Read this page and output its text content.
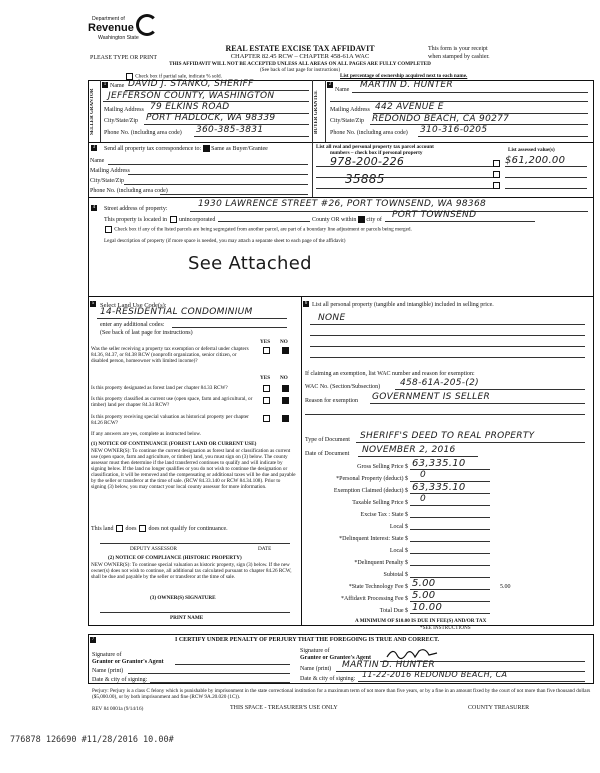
Department of
Revenue
Washington State
REAL ESTATE EXCISE TAX AFFIDAVIT
CHAPTER 82.45 RCW – CHAPTER 458-61A WAC
THIS AFFIDAVIT WILL NOT BE ACCEPTED UNLESS ALL AREAS ON ALL PAGES ARE FULLY COMPLETED
(See back of last page for instructions)
PLEASE TYPE OR PRINT
This form is your receipt
when stamped by cashier.
Check box if partial sale, indicate % sold.	List percentage of ownership acquired next to each name.
SELLER GRANTOR	BUYER GRANTEE
1	2
Name DAVID J. STANKO, SHERIFF
JEFFERSON COUNTY, WASHINGTON
Mailing Address 79 ELKINS ROAD
City/State/Zip PORT HADLOCK, WA 98339
Phone No. (including area code) 360-385-3831
Name MARTIN D. HUNTER
Mailing Address 442 AVENUE E
City/State/Zip REDONDO BEACH, CA 90277
Phone No. (including area code) 310-316-0205
3 Send all property tax correspondence to: Same as Buyer/Grantee
Name
Mailing Address
City/State/Zip
Phone No. (including area code)
List all real and personal property tax parcel account
numbers – check box if personal property	List assessed value(s)
978-200-226	$61,200.00
35885
4 Street address of property:	1930 LAWRENCE STREET #26, PORT TOWNSEND, WA 98368
This property is located in unincorporated	County OR within city of PORT TOWNSEND
Check box if any of the listed parcels are being segregated from another parcel, are part of a boundary line adjustment or parcels being merged.
Legal description of property (if more space is needed, you may attach a separate sheet to each page of the affidavit)
See Attached
5 Select Land Use Code(s):
14-RESIDENTIAL CONDOMINIUM
enter any additional codes:
(See back of last page for instructions)
YES NO
Was the seller receiving a property tax exemption or deferral under chapters 84.36, 84.37, or 84.38 RCW (nonprofit organization, senior citizen, or disabled person, homeowner with limited income)?
YES NO
Is this property designated as forest land per chapter 84.33 RCW?
Is this property classified as current use (open space, farm and agricultural, or timber) land per chapter 84.34 RCW?
Is this property receiving special valuation as historical property per chapter 84.26 RCW?
If any answers are yes, complete as instructed below.
(1) NOTICE OF CONTINUANCE (FOREST LAND OR CURRENT USE)
NEW OWNER(S): To continue the current designation as forest land or classification as current use (open space, farm and agriculture, or timber) land, you must sign on (3) below. The county assessor must then determine if the land transferred continues to qualify and will indicate by signing below. If the land no longer qualifies or you do not wish to continue the designation or classification, it will be removed and the compensating or additional taxes will be due and payable by the seller or transferor at the time of sale. (RCW 84.33.140 or RCW 84.34.108). Prior to signing (3) below, you may contact your local county assessor for more information.
This land does does not qualify for continuance.
DEPUTY ASSESSOR	DATE
(2) NOTICE OF COMPLIANCE (HISTORIC PROPERTY)
NEW OWNER(S): To continue special valuation as historic property, sign (3) below. If the new owner(s) does not wish to continue, all additional tax calculated pursuant to chapter 84.26 RCW, shall be due and payable by the seller or transferor at the time of sale.
(3) OWNER(S) SIGNATURE
PRINT NAME
6 List all personal property (tangible and intangible) included in selling price.
NONE
If claiming an exemption, list WAC number and reason for exemption:
WAC No. (Section/Subsection) 458-61A-205-(2)
Reason for exemption GOVERNMENT IS SELLER
Type of Document SHERIFF'S DEED TO REAL PROPERTY
Date of Document NOVEMBER 2, 2016
Gross Selling Price $ 63,335.10
*Personal Property (deduct) $ 0
Exemption Claimed (deduct) $ 63,335.10
Taxable Selling Price $ 0
Excise Tax : State $
Local $
*Delinquent Interest: State $
Local $
*Delinquent Penalty $
Subtotal $
*State Technology Fee $ 5.00	5.00
*Affidavit Processing Fee $ 5.00
Total Due $ 10.00
A MINIMUM OF $10.00 IS DUE IN FEE(S) AND/OR TAX
*SEE INSTRUCTIONS
7	I CERTIFY UNDER PENALTY OF PERJURY THAT THE FOREGOING IS TRUE AND CORRECT.
Signature of
Grantor or Grantor's Agent
Name (print)
Date & city of signing:
Signature of
Grantee or Grantee's Agent
Name (print) MARTIN D. HUNTER
Date & city of signing: 11-22-2016 REDONDO BEACH, CA
Perjury: Perjury is a class C felony which is punishable by imprisonment in the state correctional institution for a maximum term of not more than five years, or by a fine in an amount fixed by the court of not more than five thousand dollars ($5,000.00), or by both imprisonment and fine (RCW 9A.20.020 (1C)).
REV 84 0001a (9/14/16)	THIS SPACE - TREASURER'S USE ONLY	COUNTY TREASURER
776878 126690 #11/28/2016 10.00#
